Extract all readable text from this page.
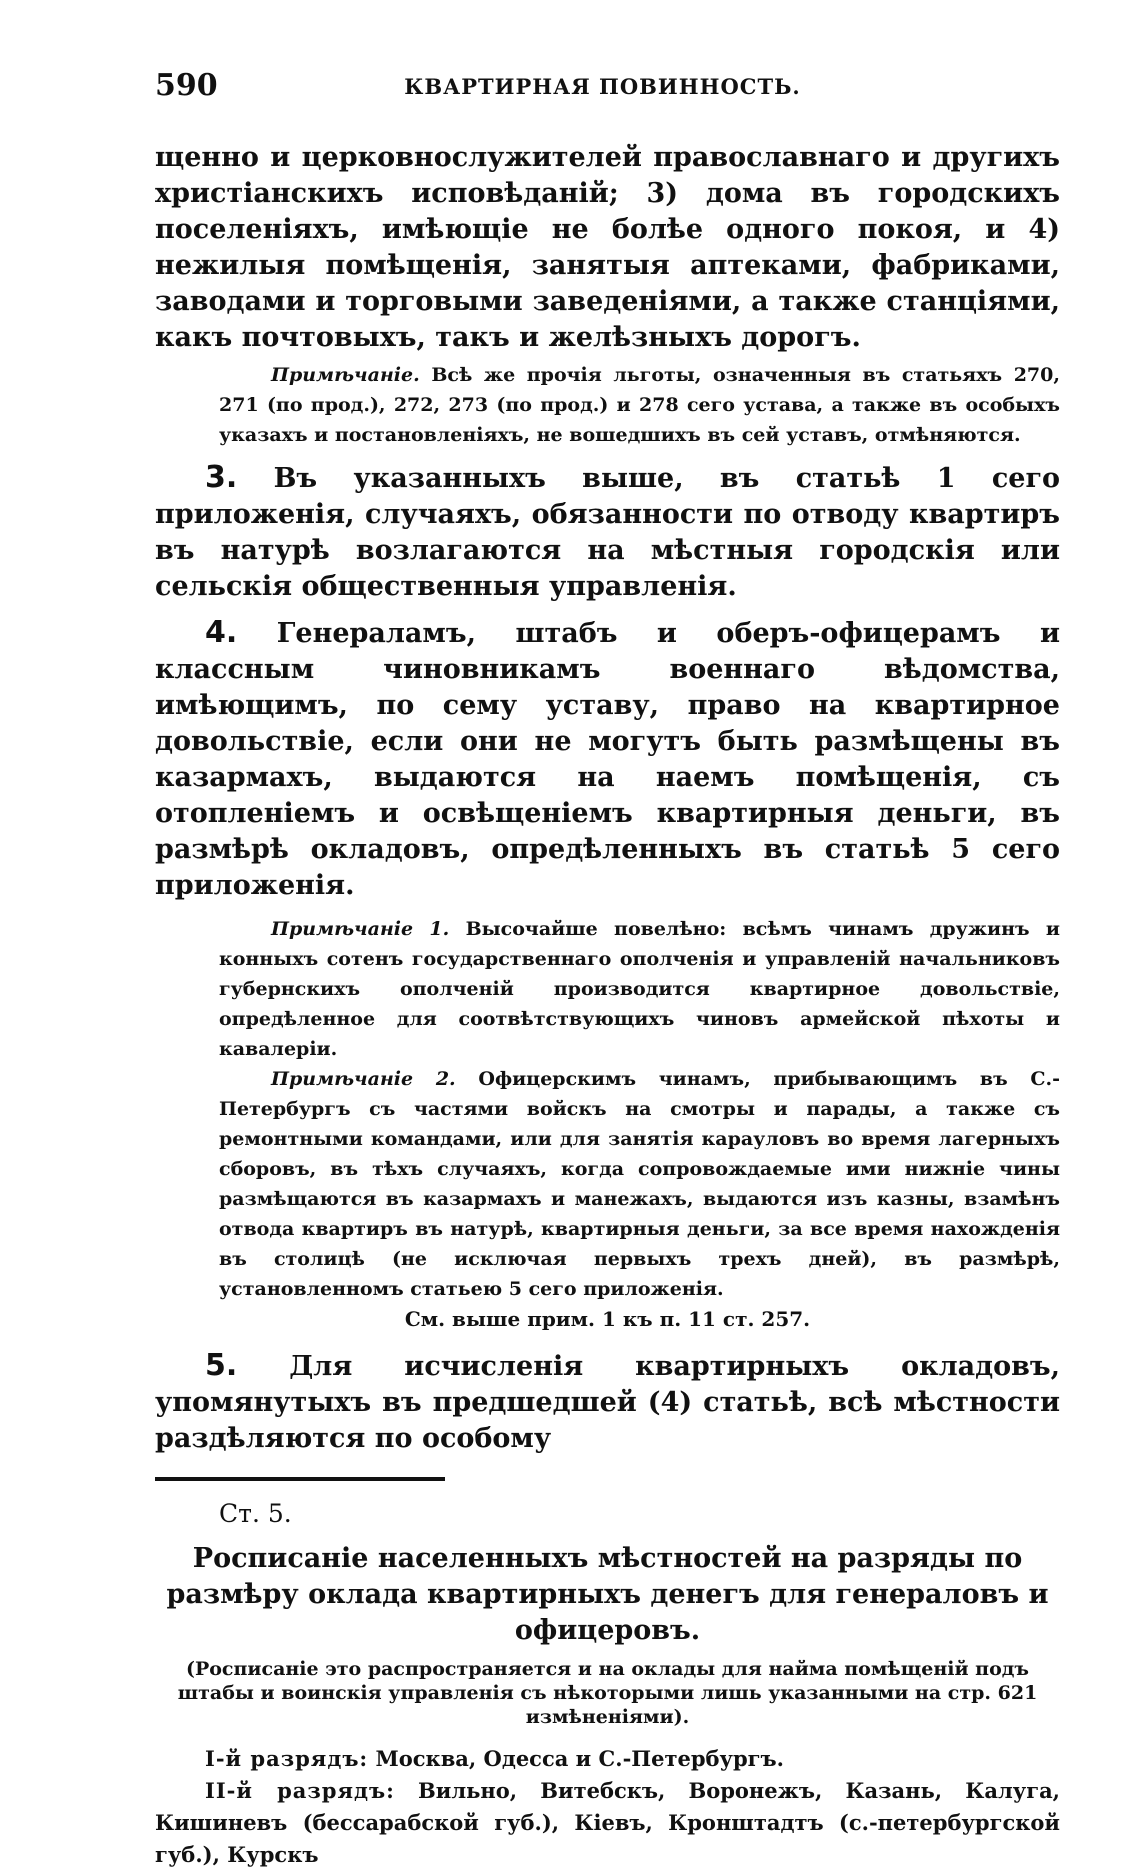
590	КВАРТИРНАЯ ПОВИННОСТЬ.

щенно и церковнослужителей православнаго и другихъ христіанскихъ исповѣданій; 3) дома въ городскихъ поселеніяхъ, имѣющіе не болѣе одного покоя, и 4) нежилыя помѣщенія, занятыя аптеками, фабриками, заводами и торговыми заведеніями, а также станціями, какъ почтовыхъ, такъ и желѣзныхъ дорогъ.

Примѣчаніе. Всѣ же прочія льготы, означенныя въ статьяхъ 270, 271 (по прод.), 272, 273 (по прод.) и 278 сего устава, а также въ особыхъ указахъ и постановленіяхъ, не вошедшихъ въ сей уставъ, отмѣняются.

3. Въ указанныхъ выше, въ статьѣ 1 сего приложенія, случаяхъ, обязанности по отводу квартиръ въ натурѣ возлагаются на мѣстныя городскія или сельскія общественныя управленія.

4. Генераламъ, штабъ и оберъ-офицерамъ и классным чиновникамъ военнаго вѣдомства, имѣющимъ, по сему уставу, право на квартирное довольствіе, если они не могутъ быть размѣщены въ казармахъ, выдаются на наемъ помѣщенія, съ отопленіемъ и освѣщеніемъ квартирныя деньги, въ размѣрѣ окладовъ, опредѣленныхъ въ статьѣ 5 сего приложенія.

Примѣчаніе 1. Высочайше повелѣно: всѣмъ чинамъ дружинъ и конныхъ сотенъ государственнаго ополченія и управленій начальниковъ губернскихъ ополченій производится квартирное довольствіе, опредѣленное для соотвѣтствующихъ чиновъ армейской пѣхоты и кавалеріи.

Примѣчаніе 2. Офицерскимъ чинамъ, прибывающимъ въ С.-Петербургъ съ частями войскъ на смотры и парады, а также съ ремонтными командами, или для занятія карауловъ во время лагерныхъ сборовъ, въ тѣхъ случаяхъ, когда сопровождаемые ими нижніе чины размѣщаются въ казармахъ и манежахъ, выдаются изъ казны, взамѣнъ отвода квартиръ въ натурѣ, квартирныя деньги, за все время нахожденія въ столицѣ (не исключая первыхъ трехъ дней), въ размѣрѣ, установленномъ статьею 5 сего приложенія.

См. выше прим. 1 къ п. 11 ст. 257.

5. Для исчисленія квартирныхъ окладовъ, упомянутыхъ въ предшедшей (4) статьѣ, всѣ мѣстности раздѣляются по особому

Ст. 5.

Росписаніе населенныхъ мѣстностей на разряды по размѣру оклада квартирныхъ денегъ для генераловъ и офицеровъ.

(Росписаніе это распространяется и на оклады для найма помѣщеній подъ штабы и воинскія управленія съ нѣкоторыми лишь указанными на стр. 621 измѣненіями).

I-й разрядъ: Москва, Одесса и С.-Петербургъ.

II-й разрядъ: Вильно, Витебскъ, Воронежъ, Казань, Калуга, Кишиневъ (бессарабской губ.), Кіевъ, Кронштадтъ (с.-петербургской губ.), Курскъ
